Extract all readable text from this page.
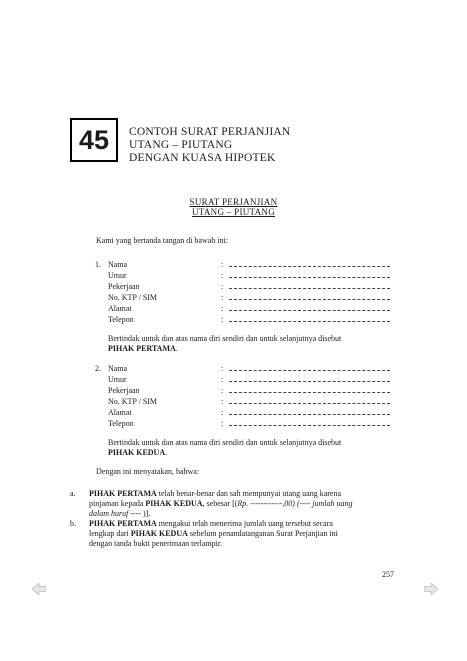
45 CONTOH SURAT PERJANJIAN
UTANG – PIUTANG
DENGAN KUASA HIPOTEK
SURAT PERJANJIAN
UTANG – PIUTANG
Kami yang bertanda tangan di bawah ini:
1. Nama
Umur
Pekerjaan
No. KTP / SIM
Alamat
Telepon
:
:
:
:
:
:
Bertindak untuk dan atas nama diri sendiri dan untuk selanjutnya disebut
PIHAK PERTAMA.
2. Nama
Umur
Pekerjaan
No. KTP / SIM
Alamat
Telepon
:
:
:
:
:
:
Bertindak untuk dan atas nama diri sendiri dan untuk selanjutnya disebut
PIHAK KEDUA.
Dengan ini menyatakan, bahwa:
a. PIHAK PERTAMA telah benar-benar dan sah mempunyai utang uang karena
pinjaman kepada PIHAK KEDUA, sebesar [(Rp. ------------,00) (---- jumlah uang
dalam huruf ---- )].
b. PIHAK PERTAMA mengakui telah menerima jumlah uang tersebut secara
lengkap dari PIHAK KEDUA sebelum penandatanganan Surat Perjanjian ini
dengan tanda bukti penerimaan terlampir.
257
